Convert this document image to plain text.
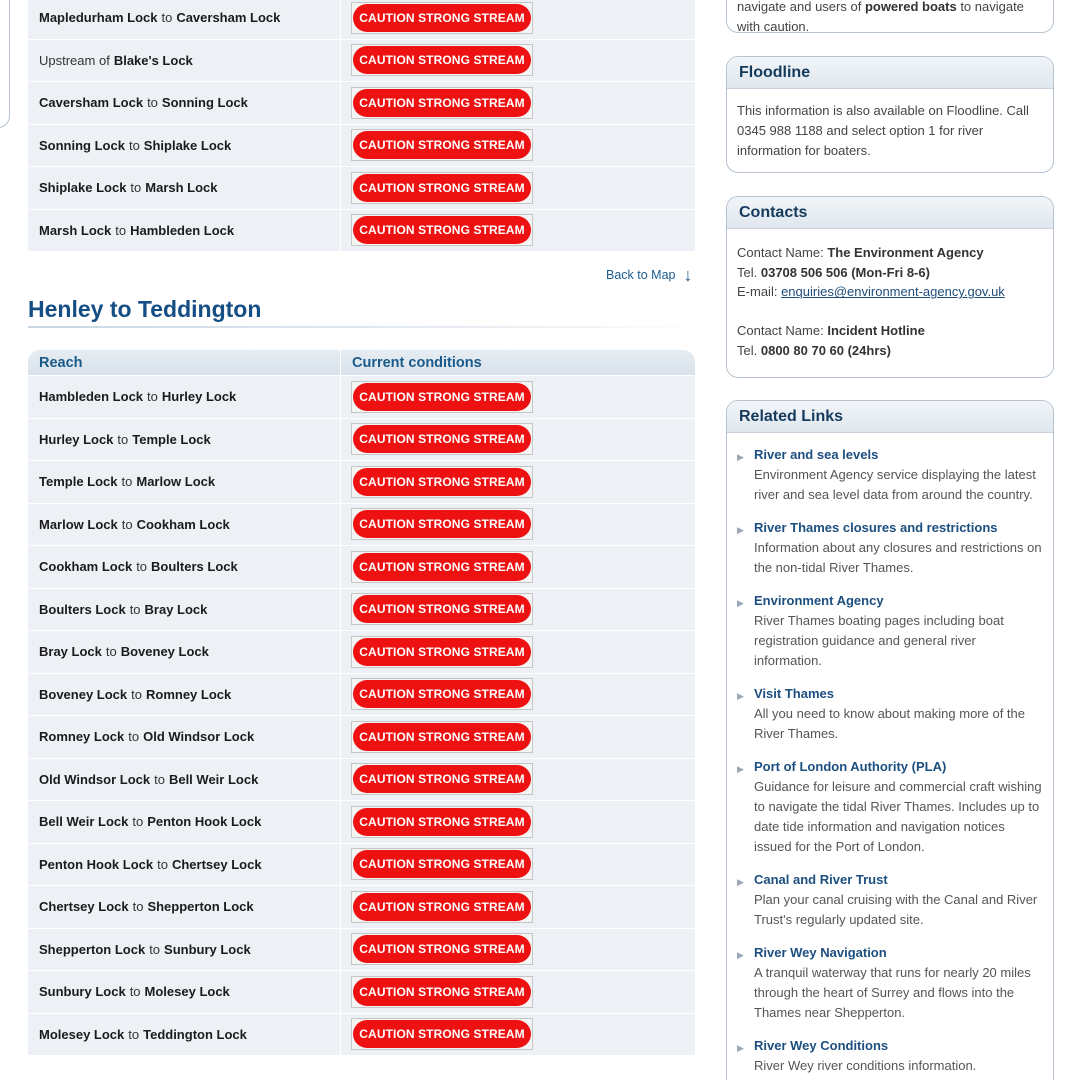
Mapledurham Lock to Caversham Lock	CAUTION STRONG STREAM
Upstream of Blake's Lock	CAUTION STRONG STREAM
Caversham Lock to Sonning Lock	CAUTION STRONG STREAM
Sonning Lock to Shiplake Lock	CAUTION STRONG STREAM
Shiplake Lock to Marsh Lock	CAUTION STRONG STREAM
Marsh Lock to Hambleden Lock	CAUTION STRONG STREAM
Back to Map ↓
Henley to Teddington
Reach	Current conditions
Hambleden Lock to Hurley Lock	CAUTION STRONG STREAM
Hurley Lock to Temple Lock	CAUTION STRONG STREAM
Temple Lock to Marlow Lock	CAUTION STRONG STREAM
Marlow Lock to Cookham Lock	CAUTION STRONG STREAM
Cookham Lock to Boulters Lock	CAUTION STRONG STREAM
Boulters Lock to Bray Lock	CAUTION STRONG STREAM
Bray Lock to Boveney Lock	CAUTION STRONG STREAM
Boveney Lock to Romney Lock	CAUTION STRONG STREAM
Romney Lock to Old Windsor Lock	CAUTION STRONG STREAM
Old Windsor Lock to Bell Weir Lock	CAUTION STRONG STREAM
Bell Weir Lock to Penton Hook Lock	CAUTION STRONG STREAM
Penton Hook Lock to Chertsey Lock	CAUTION STRONG STREAM
Chertsey Lock to Shepperton Lock	CAUTION STRONG STREAM
Shepperton Lock to Sunbury Lock	CAUTION STRONG STREAM
Sunbury Lock to Molesey Lock	CAUTION STRONG STREAM
Molesey Lock to Teddington Lock	CAUTION STRONG STREAM
navigate and users of powered boats to navigate
with caution.
Floodline
This information is also available on Floodline. Call 0345 988 1188 and select option 1 for river information for boaters.
Contacts
Contact Name: The Environment Agency
Tel. 03708 506 506 (Mon-Fri 8-6)
E-mail: enquiries@environment-agency.gov.uk
Contact Name: Incident Hotline
Tel. 0800 80 70 60 (24hrs)
Related Links
▶ River and sea levels
Environment Agency service displaying the latest river and sea level data from around the country.
▶ River Thames closures and restrictions
Information about any closures and restrictions on the non-tidal River Thames.
▶ Environment Agency
River Thames boating pages including boat registration guidance and general river information.
▶ Visit Thames
All you need to know about making more of the River Thames.
▶ Port of London Authority (PLA)
Guidance for leisure and commercial craft wishing to navigate the tidal River Thames. Includes up to date tide information and navigation notices issued for the Port of London.
▶ Canal and River Trust
Plan your canal cruising with the Canal and River Trust's regularly updated site.
▶ River Wey Navigation
A tranquil waterway that runs for nearly 20 miles through the heart of Surrey and flows into the Thames near Shepperton.
▶ River Wey Conditions
River Wey river conditions information.
